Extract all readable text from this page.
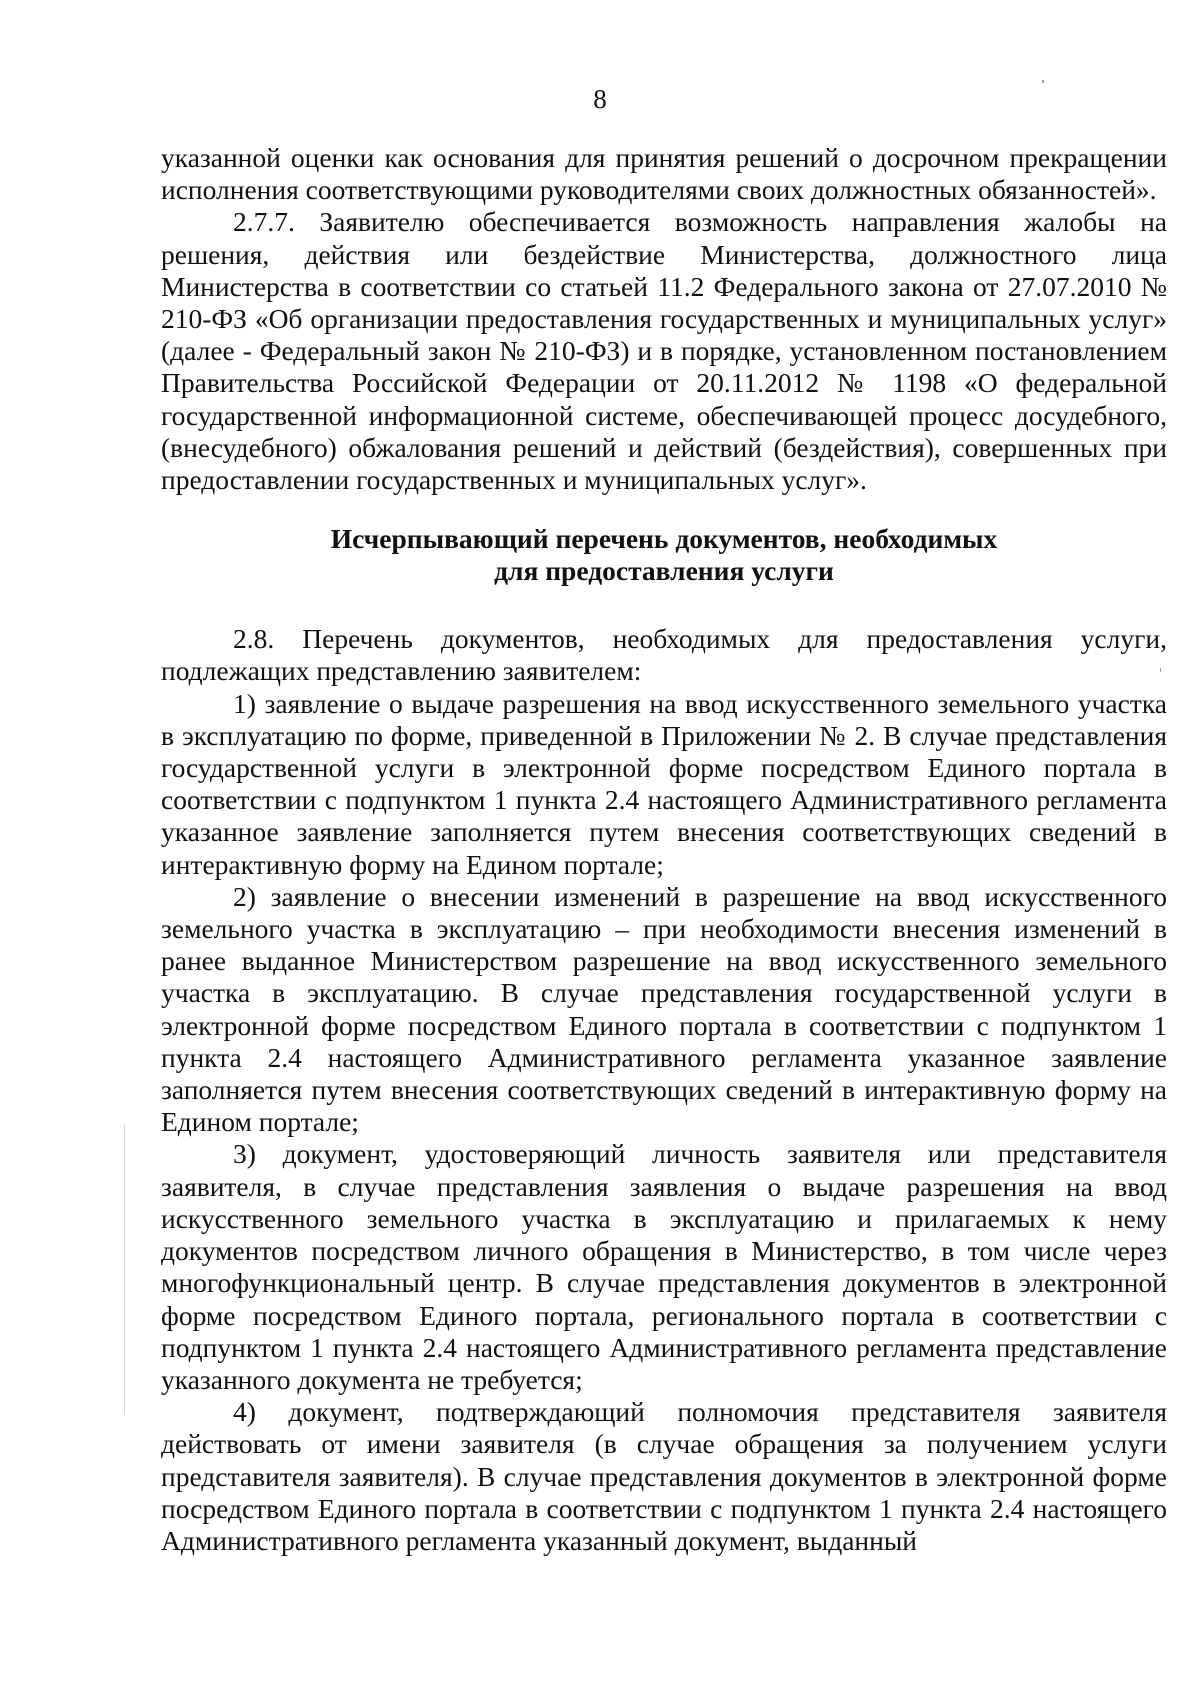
8

указанной оценки как основания для принятия решений о досрочном прекращении исполнения соответствующими руководителями своих должностных обязанностей».

2.7.7. Заявителю обеспечивается возможность направления жалобы на решения, действия или бездействие Министерства, должностного лица Министерства в соответствии со статьей 11.2 Федерального закона от 27.07.2010 № 210-ФЗ «Об организации предоставления государственных и муниципальных услуг» (далее - Федеральный закон № 210-ФЗ) и в порядке, установленном постановлением Правительства Российской Федерации от 20.11.2012 № 1198 «О федеральной государственной информационной системе, обеспечивающей процесс досудебного, (внесудебного) обжалования решений и действий (бездействия), совершенных при предоставлении государственных и муниципальных услуг».

Исчерпывающий перечень документов, необходимых
для предоставления услуги

2.8. Перечень документов, необходимых для предоставления услуги, подлежащих представлению заявителем:

1) заявление о выдаче разрешения на ввод искусственного земельного участка в эксплуатацию по форме, приведенной в Приложении № 2. В случае представления государственной услуги в электронной форме посредством Единого портала в соответствии с подпунктом 1 пункта 2.4 настоящего Административного регламента указанное заявление заполняется путем внесения соответствующих сведений в интерактивную форму на Едином портале;

2) заявление о внесении изменений в разрешение на ввод искусственного земельного участка в эксплуатацию – при необходимости внесения изменений в ранее выданное Министерством разрешение на ввод искусственного земельного участка в эксплуатацию. В случае представления государственной услуги в электронной форме посредством Единого портала в соответствии с подпунктом 1 пункта 2.4 настоящего Административного регламента указанное заявление заполняется путем внесения соответствующих сведений в интерактивную форму на Едином портале;

3) документ, удостоверяющий личность заявителя или представителя заявителя, в случае представления заявления о выдаче разрешения на ввод искусственного земельного участка в эксплуатацию и прилагаемых к нему документов посредством личного обращения в Министерство, в том числе через многофункциональный центр. В случае представления документов в электронной форме посредством Единого портала, регионального портала в соответствии с подпунктом 1 пункта 2.4 настоящего Административного регламента представление указанного документа не требуется;

4) документ, подтверждающий полномочия представителя заявителя действовать от имени заявителя (в случае обращения за получением услуги представителя заявителя). В случае представления документов в электронной форме посредством Единого портала в соответствии с подпунктом 1 пункта 2.4 настоящего Административного регламента указанный документ, выданный
